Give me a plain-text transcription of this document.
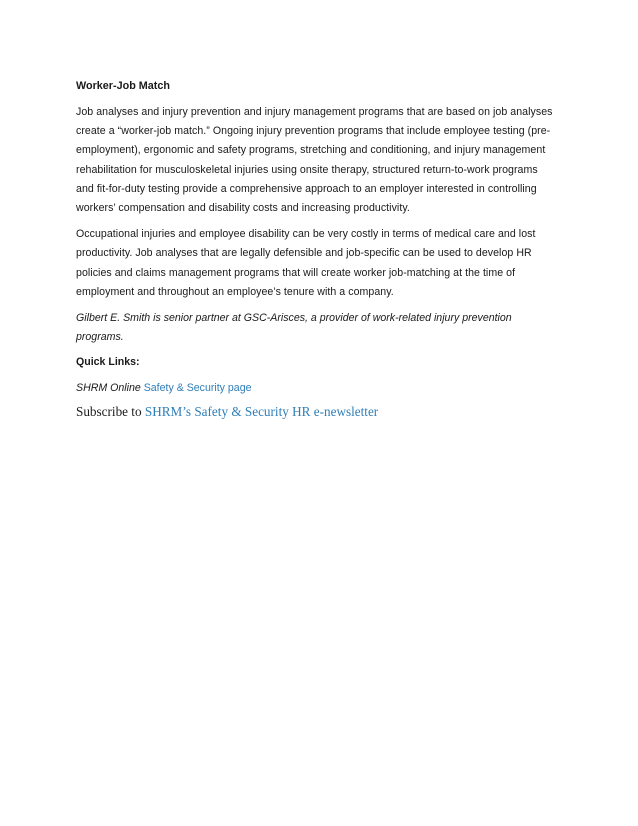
Worker-Job Match
Job analyses and injury prevention and injury management programs that are based on job analyses
create a “worker-job match.” Ongoing injury prevention programs that include employee testing (pre-
employment), ergonomic and safety programs, stretching and conditioning, and injury management
rehabilitation for musculoskeletal injuries using onsite therapy, structured return-to-work programs
and fit-for-duty testing provide a comprehensive approach to an employer interested in controlling
workers’ compensation and disability costs and increasing productivity.
Occupational injuries and employee disability can be very costly in terms of medical care and lost
productivity. Job analyses that are legally defensible and job-specific can be used to develop HR
policies and claims management programs that will create worker job-matching at the time of
employment and throughout an employee’s tenure with a company.
Gilbert E. Smith is senior partner at GSC-Arisces, a provider of work-related injury prevention
programs.
Quick Links:
SHRM Online Safety & Security page
Subscribe to SHRM’s Safety & Security HR e-newsletter
